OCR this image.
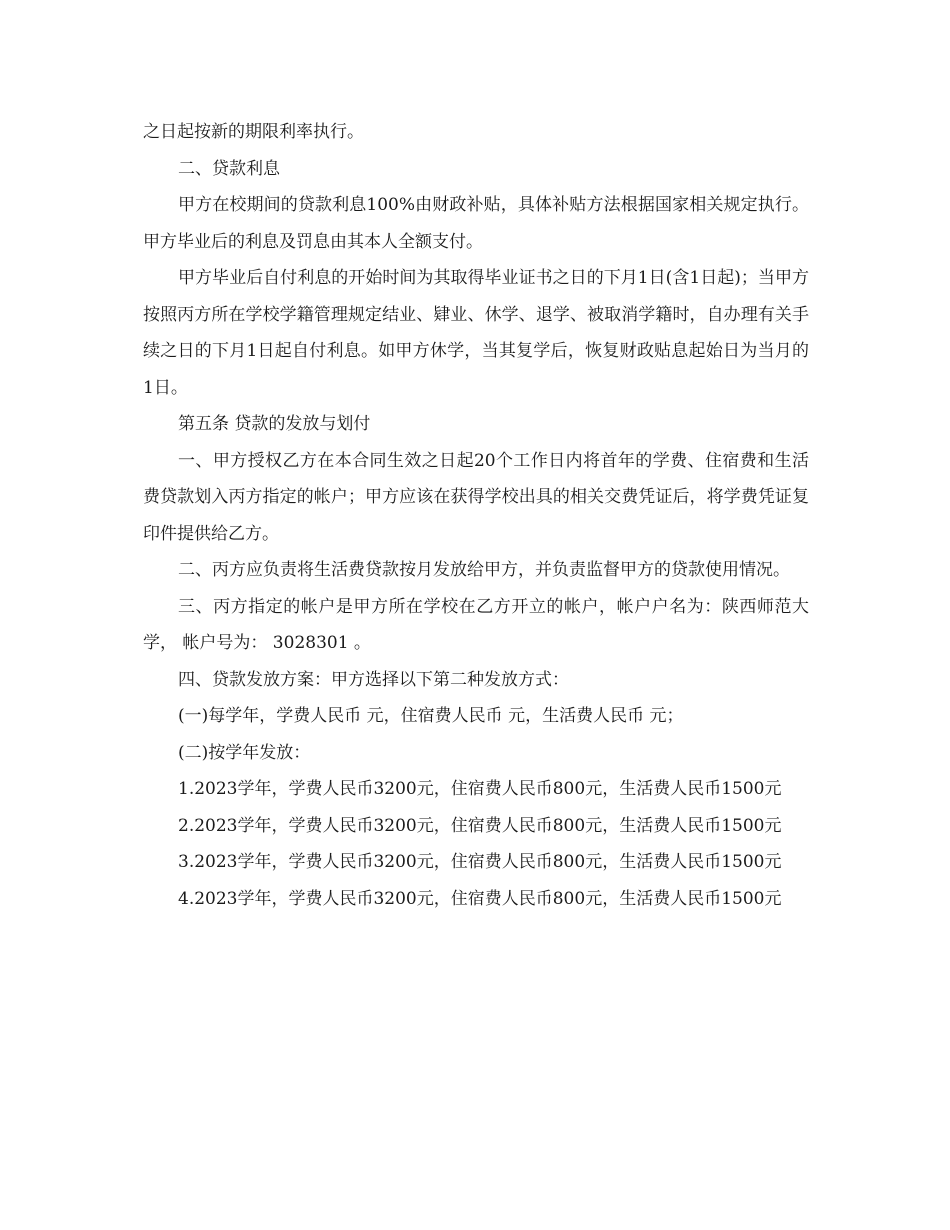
之日起按新的期限利率执行。

二、贷款利息

甲方在校期间的贷款利息100%由财政补贴，具体补贴方法根据国家相关规定执行。甲方毕业后的利息及罚息由其本人全额支付。

甲方毕业后自付利息的开始时间为其取得毕业证书之日的下月1日(含1日起)；当甲方按照丙方所在学校学籍管理规定结业、肄业、休学、退学、被取消学籍时，自办理有关手续之日的下月1日起自付利息。如甲方休学，当其复学后，恢复财政贴息起始日为当月的1日。

第五条 贷款的发放与划付

一、甲方授权乙方在本合同生效之日起20个工作日内将首年的学费、住宿费和生活费贷款划入丙方指定的帐户；甲方应该在获得学校出具的相关交费凭证后，将学费凭证复印件提供给乙方。

二、丙方应负责将生活费贷款按月发放给甲方，并负责监督甲方的贷款使用情况。

三、丙方指定的帐户是甲方所在学校在乙方开立的帐户，帐户户名为：陕西师范大学， 帐户号为： 3028301 。

四、贷款发放方案：甲方选择以下第二种发放方式：

(一)每学年，学费人民币 元，住宿费人民币 元，生活费人民币 元；

(二)按学年发放：

1.2023学年，学费人民币3200元，住宿费人民币800元，生活费人民币1500元

2.2023学年，学费人民币3200元，住宿费人民币800元，生活费人民币1500元

3.2023学年，学费人民币3200元，住宿费人民币800元，生活费人民币1500元

4.2023学年，学费人民币3200元，住宿费人民币800元，生活费人民币1500元
